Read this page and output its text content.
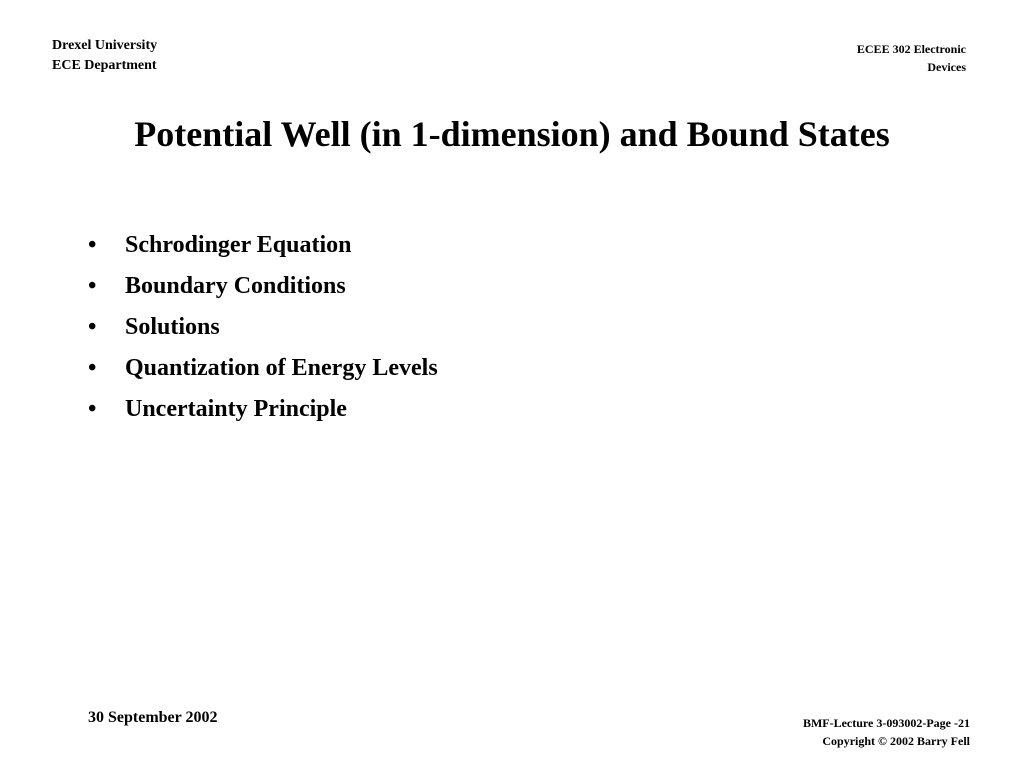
Drexel University
ECE Department
ECEE 302 Electronic
Devices
Potential Well (in 1-dimension) and Bound States
•	Schrodinger Equation
•	Boundary Conditions
•	Solutions
•	Quantization of Energy Levels
•	Uncertainty Principle
30 September 2002	BMF-Lecture 3-093002-Page -21
Copyright © 2002 Barry Fell
